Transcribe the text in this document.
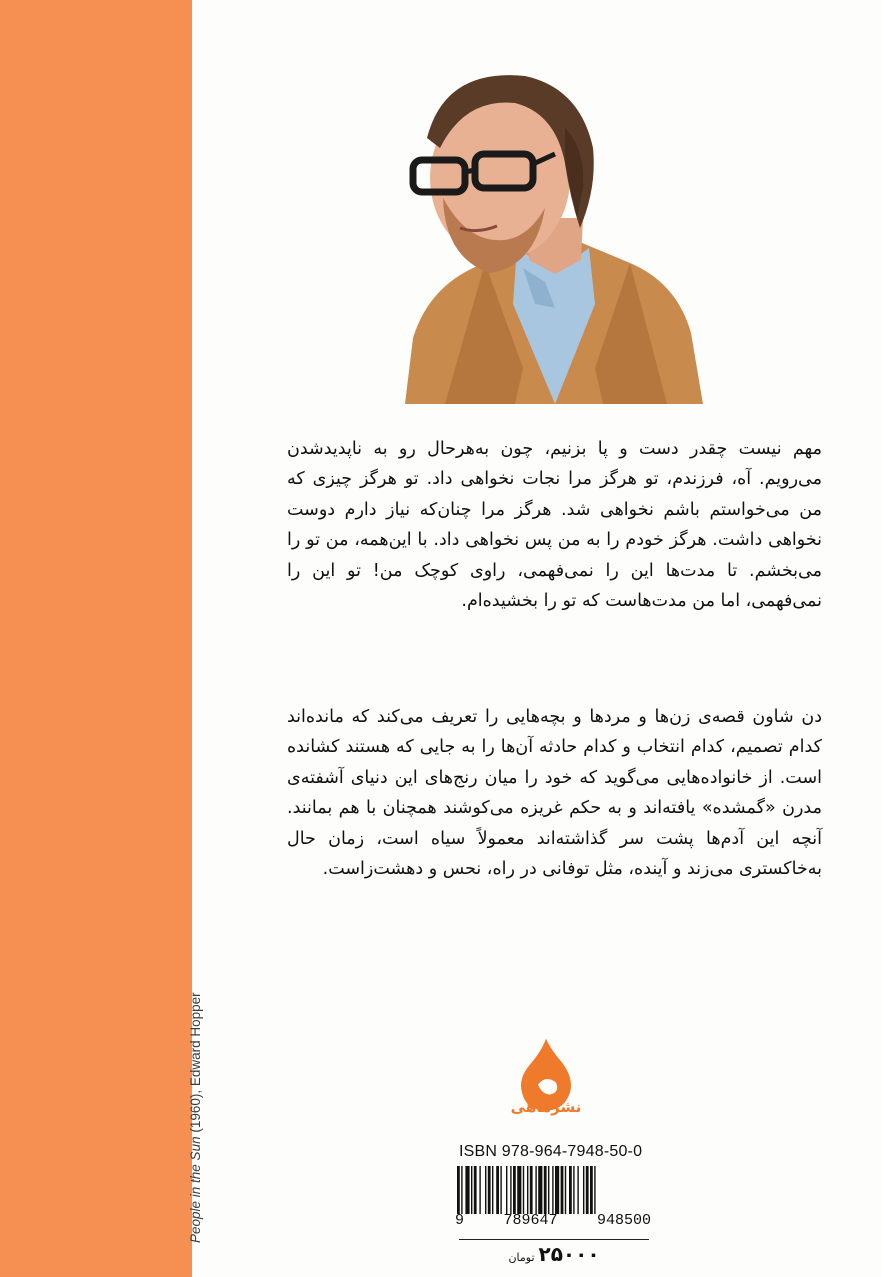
People in the Sun (1960), Edward Hopper

مهم نیست چقدر دست و پا بزنیم، چون به‌هرحال رو به ناپدیدشدن می‌رویم. آه، فرزندم، تو هرگز مرا نجات نخواهی داد. تو هرگز چیزی که من می‌خواستم باشم نخواهی شد. هرگز مرا چنان‌که نیاز دارم دوست نخواهی داشت. هرگز خودم را به من پس نخواهی داد. با این‌همه، من تو را می‌بخشم. تا مدت‌ها این را نمی‌فهمی، راوی کوچک من! تو این را نمی‌فهمی، اما من مدت‌هاست که تو را بخشیده‌ام.

دن شاون قصه‌ی زن‌ها و مردها و بچه‌هایی را تعریف می‌کند که مانده‌اند کدام تصمیم، کدام انتخاب و کدام حادثه آن‌ها را به جایی که هستند کشانده است. از خانواده‌هایی می‌گوید که خود را میان رنج‌های این دنیای آشفته‌ی مدرن «گمشده» یافته‌اند و به حکم غریزه می‌کوشند همچنان با هم بمانند. آنچه این آدم‌ها پشت سر گذاشته‌اند معمولاً سیاه است، زمان حال به‌خاکستری می‌زند و آینده، مثل توفانی در راه، نحس و دهشت‌زاست.

نشرماهی
ISBN 978-964-7948-50-0
9	789647	948500
۲۵۰۰۰تومان
